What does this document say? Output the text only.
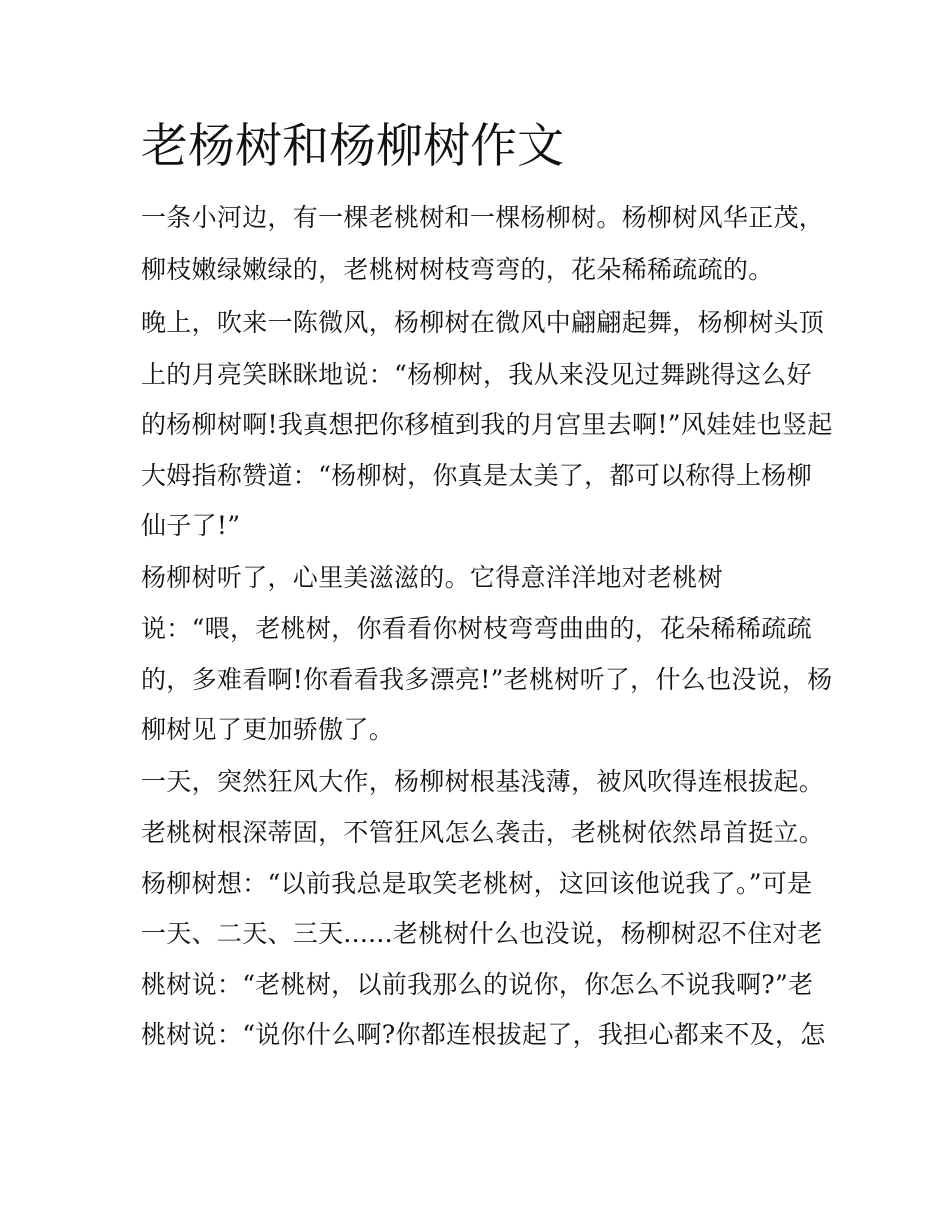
老杨树和杨柳树作文

一条小河边，有一棵老桃树和一棵杨柳树。杨柳树风华正茂，

柳枝嫩绿嫩绿的，老桃树树枝弯弯的，花朵稀稀疏疏的。

晚上，吹来一陈微风，杨柳树在微风中翩翩起舞，杨柳树头顶

上的月亮笑眯眯地说：“杨柳树，我从来没见过舞跳得这么好

的杨柳树啊!我真想把你移植到我的月宫里去啊!”风娃娃也竖起

大姆指称赞道：“杨柳树，你真是太美了，都可以称得上杨柳

仙子了!”

杨柳树听了，心里美滋滋的。它得意洋洋地对老桃树

说：“喂，老桃树，你看看你树枝弯弯曲曲的，花朵稀稀疏疏

的，多难看啊!你看看我多漂亮!”老桃树听了，什么也没说，杨

柳树见了更加骄傲了。

一天，突然狂风大作，杨柳树根基浅薄，被风吹得连根拔起。

老桃树根深蒂固，不管狂风怎么袭击，老桃树依然昂首挺立。

杨柳树想：“以前我总是取笑老桃树，这回该他说我了。”可是

一天、二天、三天......老桃树什么也没说，杨柳树忍不住对老

桃树说：“老桃树，以前我那么的说你，你怎么不说我啊?”老

桃树说：“说你什么啊?你都连根拔起了，我担心都来不及，怎
